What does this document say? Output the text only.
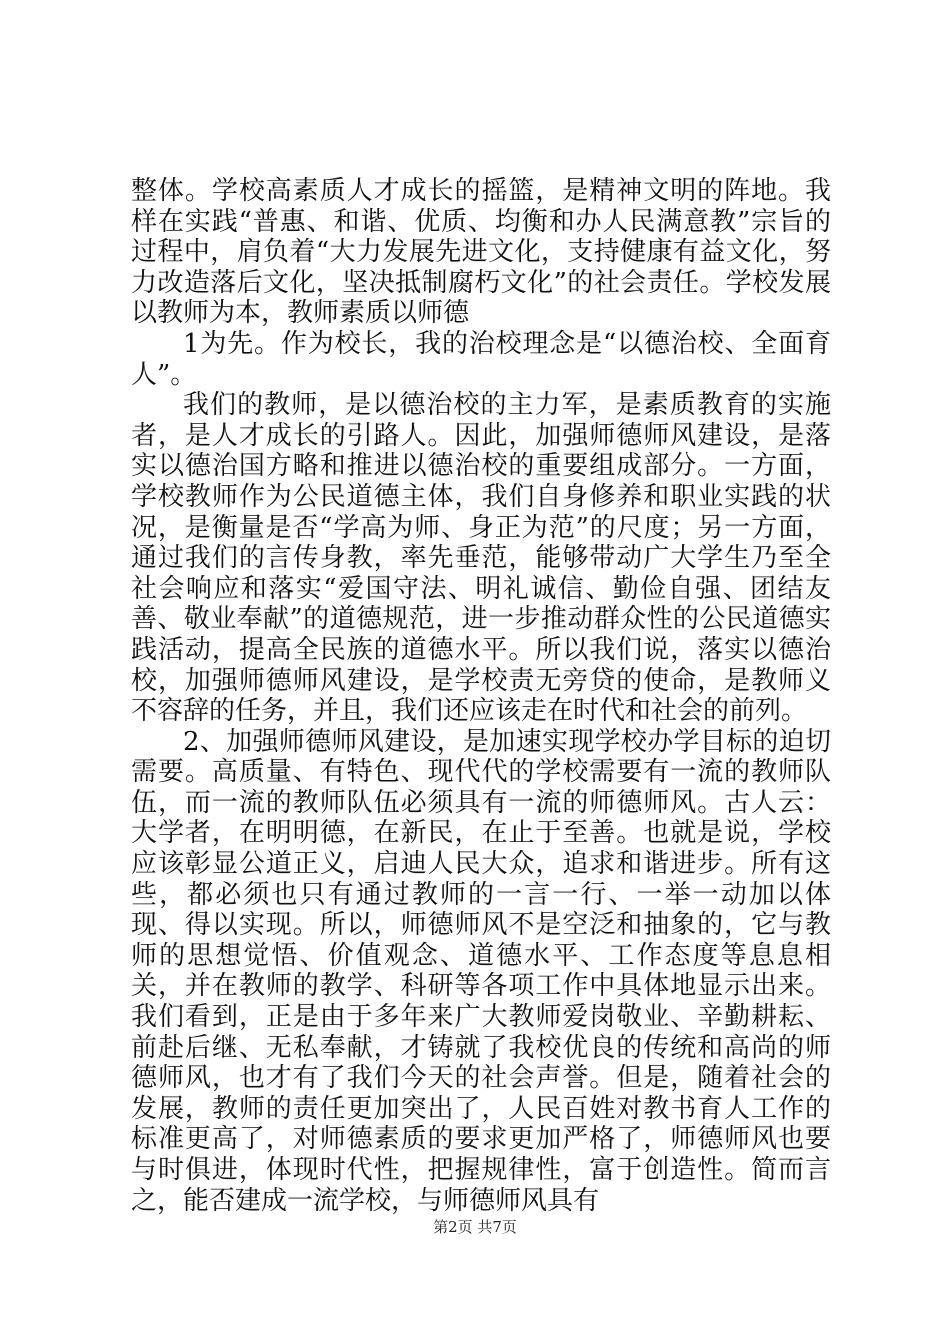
整体。学校高素质人才成长的摇篮，是精神文明的阵地。我样在实践“普惠、和谐、优质、均衡和办人民满意教”宗旨的过程中，肩负着“大力发展先进文化，支持健康有益文化，努力改造落后文化，坚决抵制腐朽文化”的社会责任。学校发展以教师为本，教师素质以师德

1为先。作为校长，我的治校理念是“以德治校、全面育人”。

我们的教师，是以德治校的主力军，是素质教育的实施者，是人才成长的引路人。因此，加强师德师风建设，是落实以德治国方略和推进以德治校的重要组成部分。一方面，学校教师作为公民道德主体，我们自身修养和职业实践的状况，是衡量是否“学高为师、身正为范”的尺度；另一方面，通过我们的言传身教，率先垂范，能够带动广大学生乃至全社会响应和落实“爱国守法、明礼诚信、勤俭自强、团结友善、敬业奉献”的道德规范，进一步推动群众性的公民道德实践活动，提高全民族的道德水平。所以我们说，落实以德治校，加强师德师风建设，是学校责无旁贷的使命，是教师义不容辞的任务，并且，我们还应该走在时代和社会的前列。

2、加强师德师风建设，是加速实现学校办学目标的迫切需要。高质量、有特色、现代代的学校需要有一流的教师队伍，而一流的教师队伍必须具有一流的师德师风。古人云：大学者，在明明德，在新民，在止于至善。也就是说，学校应该彰显公道正义，启迪人民大众，追求和谐进步。所有这些，都必须也只有通过教师的一言一行、一举一动加以体现、得以实现。所以，师德师风不是空泛和抽象的，它与教师的思想觉悟、价值观念、道德水平、工作态度等息息相关，并在教师的教学、科研等各项工作中具体地显示出来。我们看到，正是由于多年来广大教师爱岗敬业、辛勤耕耘、前赴后继、无私奉献，才铸就了我校优良的传统和高尚的师德师风，也才有了我们今天的社会声誉。但是，随着社会的发展，教师的责任更加突出了，人民百姓对教书育人工作的标准更高了，对师德素质的要求更加严格了，师德师风也要与时俱进，体现时代性，把握规律性，富于创造性。简而言之，能否建成一流学校，与师德师风具有

第2页 共7页
